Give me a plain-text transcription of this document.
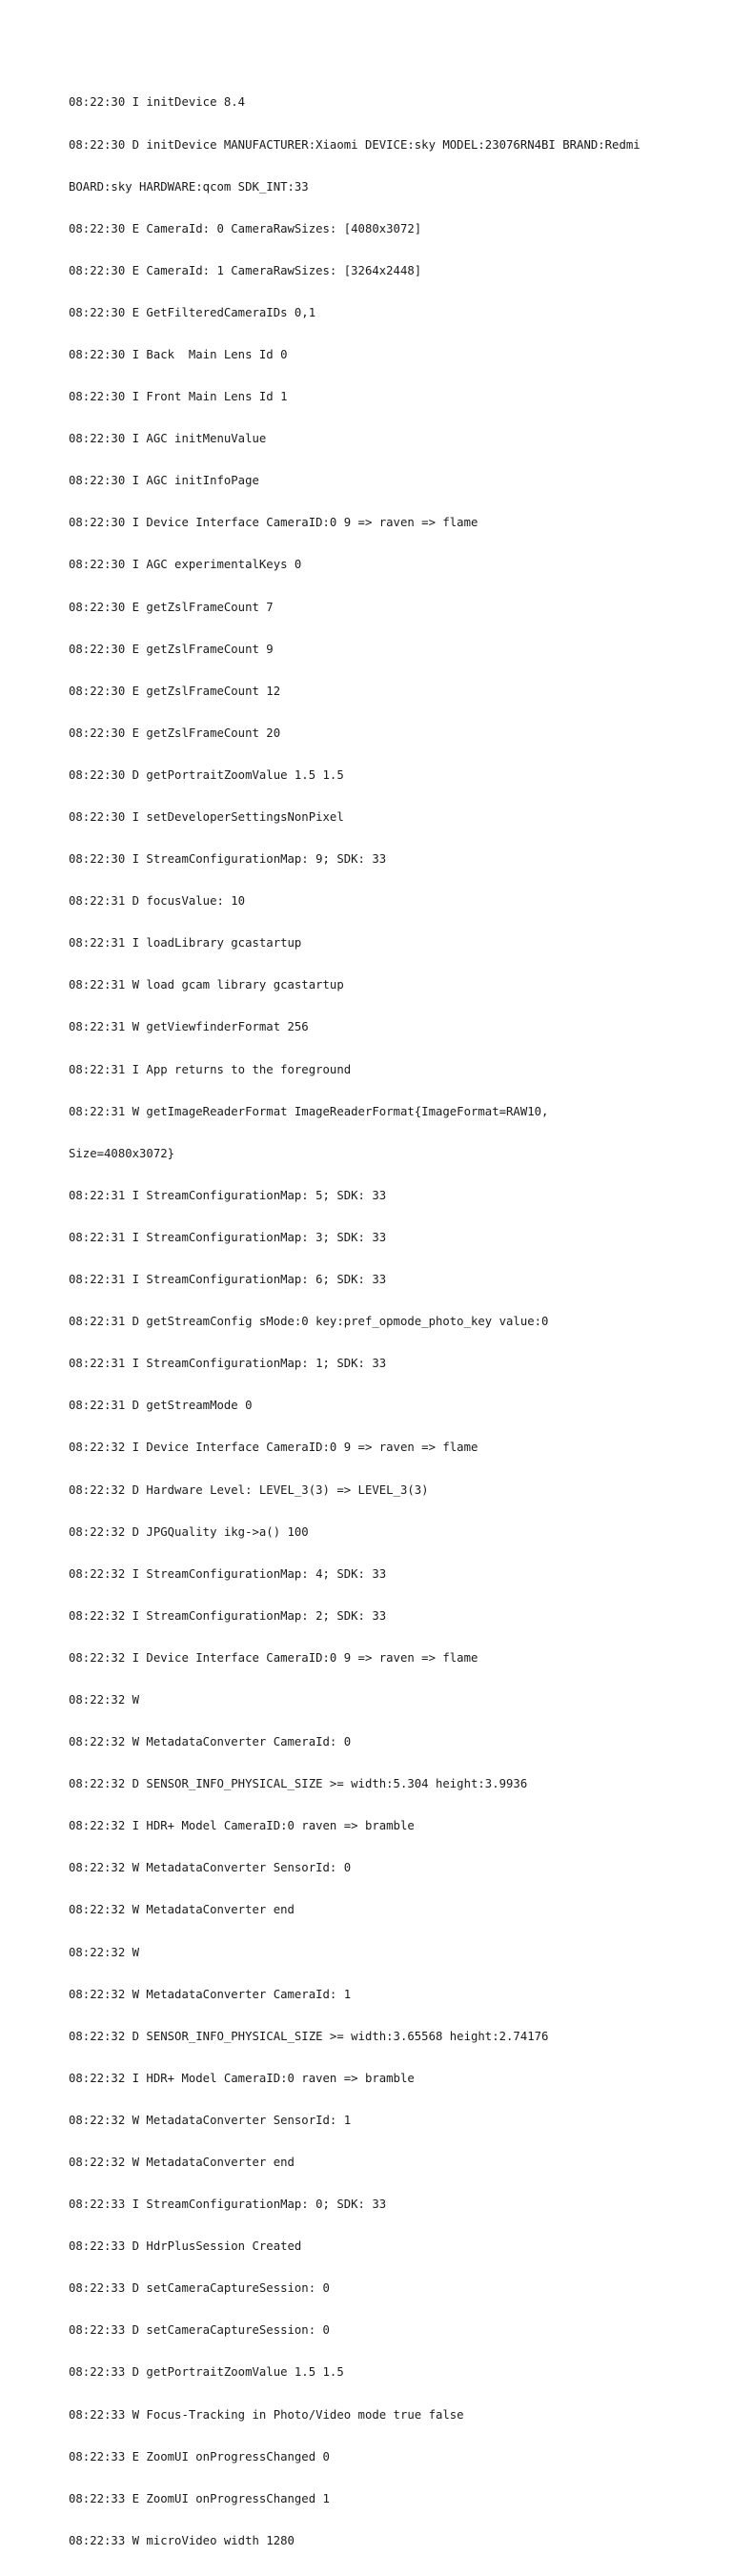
08:22:30 I initDevice 8.4

08:22:30 D initDevice MANUFACTURER:Xiaomi DEVICE:sky MODEL:23076RN4BI BRAND:Redmi

BOARD:sky HARDWARE:qcom SDK_INT:33

08:22:30 E CameraId: 0 CameraRawSizes: [4080x3072]

08:22:30 E CameraId: 1 CameraRawSizes: [3264x2448]

08:22:30 E GetFilteredCameraIDs 0,1

08:22:30 I Back  Main Lens Id 0

08:22:30 I Front Main Lens Id 1

08:22:30 I AGC initMenuValue

08:22:30 I AGC initInfoPage

08:22:30 I Device Interface CameraID:0 9 => raven => flame

08:22:30 I AGC experimentalKeys 0

08:22:30 E getZslFrameCount 7

08:22:30 E getZslFrameCount 9

08:22:30 E getZslFrameCount 12

08:22:30 E getZslFrameCount 20

08:22:30 D getPortraitZoomValue 1.5 1.5

08:22:30 I setDeveloperSettingsNonPixel

08:22:30 I StreamConfigurationMap: 9; SDK: 33

08:22:31 D focusValue: 10

08:22:31 I loadLibrary gcastartup

08:22:31 W load gcam library gcastartup

08:22:31 W getViewfinderFormat 256

08:22:31 I App returns to the foreground

08:22:31 W getImageReaderFormat ImageReaderFormat{ImageFormat=RAW10,

Size=4080x3072}

08:22:31 I StreamConfigurationMap: 5; SDK: 33

08:22:31 I StreamConfigurationMap: 3; SDK: 33

08:22:31 I StreamConfigurationMap: 6; SDK: 33

08:22:31 D getStreamConfig sMode:0 key:pref_opmode_photo_key value:0

08:22:31 I StreamConfigurationMap: 1; SDK: 33

08:22:31 D getStreamMode 0

08:22:32 I Device Interface CameraID:0 9 => raven => flame

08:22:32 D Hardware Level: LEVEL_3(3) => LEVEL_3(3)

08:22:32 D JPGQuality ikg->a() 100

08:22:32 I StreamConfigurationMap: 4; SDK: 33

08:22:32 I StreamConfigurationMap: 2; SDK: 33

08:22:32 I Device Interface CameraID:0 9 => raven => flame

08:22:32 W

08:22:32 W MetadataConverter CameraId: 0

08:22:32 D SENSOR_INFO_PHYSICAL_SIZE >= width:5.304 height:3.9936

08:22:32 I HDR+ Model CameraID:0 raven => bramble

08:22:32 W MetadataConverter SensorId: 0

08:22:32 W MetadataConverter end

08:22:32 W

08:22:32 W MetadataConverter CameraId: 1

08:22:32 D SENSOR_INFO_PHYSICAL_SIZE >= width:3.65568 height:2.74176

08:22:32 I HDR+ Model CameraID:0 raven => bramble

08:22:32 W MetadataConverter SensorId: 1

08:22:32 W MetadataConverter end

08:22:33 I StreamConfigurationMap: 0; SDK: 33

08:22:33 D HdrPlusSession Created

08:22:33 D setCameraCaptureSession: 0

08:22:33 D setCameraCaptureSession: 0

08:22:33 D getPortraitZoomValue 1.5 1.5

08:22:33 W Focus-Tracking in Photo/Video mode true false

08:22:33 E ZoomUI onProgressChanged 0

08:22:33 E ZoomUI onProgressChanged 1

08:22:33 W microVideo width 1280
